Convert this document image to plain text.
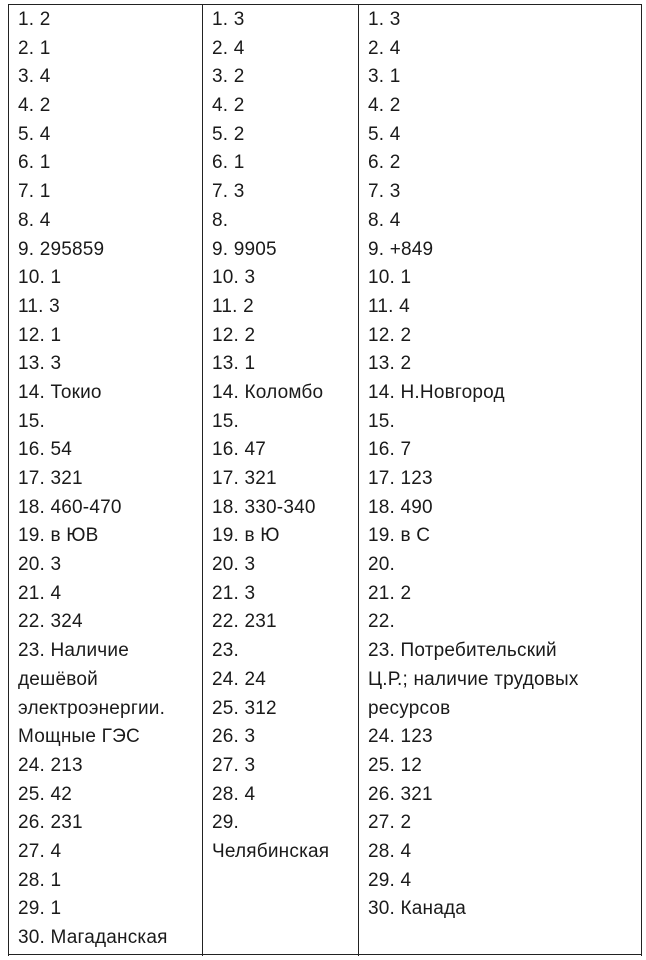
1. 2
2. 1
3. 4
4. 2
5. 4
6. 1
7. 1
8. 4
9. 295859
10. 1
11. 3
12. 1
13. 3
14. Токио
15.
16. 54
17. 321
18. 460-470
19. в ЮВ
20. 3
21. 4
22. 324
23. Наличие
дешёвой
электроэнергии.
Мощные ГЭС
24. 213
25. 42
26. 231
27. 4
28. 1
29. 1
30. Магаданская
1. 3
2. 4
3. 2
4. 2
5. 2
6. 1
7. 3
8.
9. 9905
10. 3
11. 2
12. 2
13. 1
14. Коломбо
15.
16. 47
17. 321
18. 330-340
19. в Ю
20. 3
21. 3
22. 231
23.
24. 24
25. 312
26. 3
27. 3
28. 4
29.
Челябинская
1. 3
2. 4
3. 1
4. 2
5. 4
6. 2
7. 3
8. 4
9. +849
10. 1
11. 4
12. 2
13. 2
14. Н.Новгород
15.
16. 7
17. 123
18. 490
19. в С
20.
21. 2
22.
23. Потребительский
Ц.Р.; наличие трудовых
ресурсов
24. 123
25. 12
26. 321
27. 2
28. 4
29. 4
30. Канада
